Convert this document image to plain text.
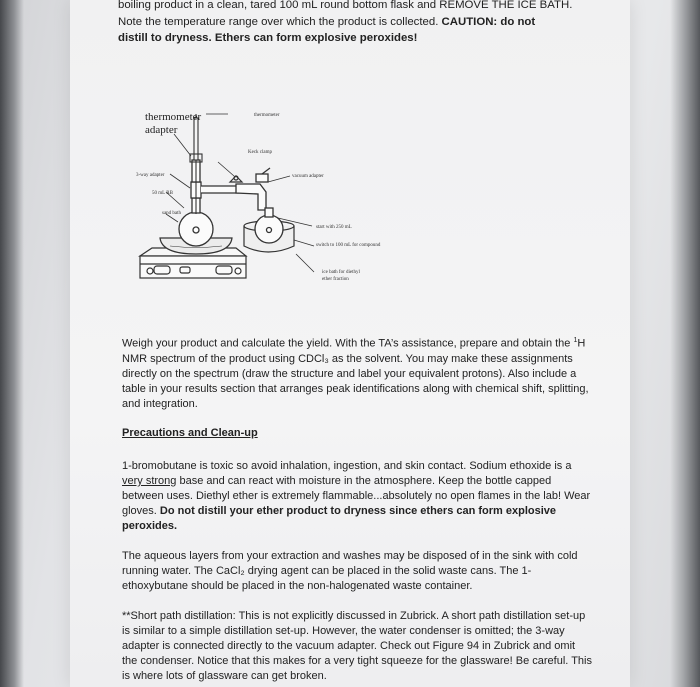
boiling product in a clean, tared 100 mL round bottom flask and REMOVE THE ICE BATH.
Note the temperature range over which the product is collected. CAUTION: do not
distill to dryness. Ethers can form explosive peroxides!

thermometer
adapter
thermometer
Keck clamp
3-way adapter	vacuum adapter
50 mL RB
sand bath
start with 250 mL
switch to 100 mL for compound
ice bath for diethyl
ether fraction

Weigh your product and calculate the yield. With the TA’s assistance, prepare and obtain the $^1$H NMR spectrum of the product using CDCl₃ as the solvent. You may make these assignments directly on the spectrum (draw the structure and label your equivalent protons). Also include a table in your results section that arranges peak identifications along with chemical shift, splitting, and integration.

Precautions and Clean-up

1-bromobutane is toxic so avoid inhalation, ingestion, and skin contact. Sodium ethoxide is a very strong base and can react with moisture in the atmosphere. Keep the bottle capped between uses. Diethyl ether is extremely flammable...absolutely no open flames in the lab! Wear gloves. Do not distill your ether product to dryness since ethers can form explosive peroxides.

The aqueous layers from your extraction and washes may be disposed of in the sink with cold running water. The CaCl₂ drying agent can be placed in the solid waste cans. The 1-ethoxybutane should be placed in the non-halogenated waste container.

**Short path distillation: This is not explicitly discussed in Zubrick. A short path distillation set-up is similar to a simple distillation set-up. However, the water condenser is omitted; the 3-way adapter is connected directly to the vacuum adapter. Check out Figure 94 in Zubrick and omit the condenser. Notice that this makes for a very tight squeeze for the glassware! Be careful. This is where lots of glassware can get broken.
